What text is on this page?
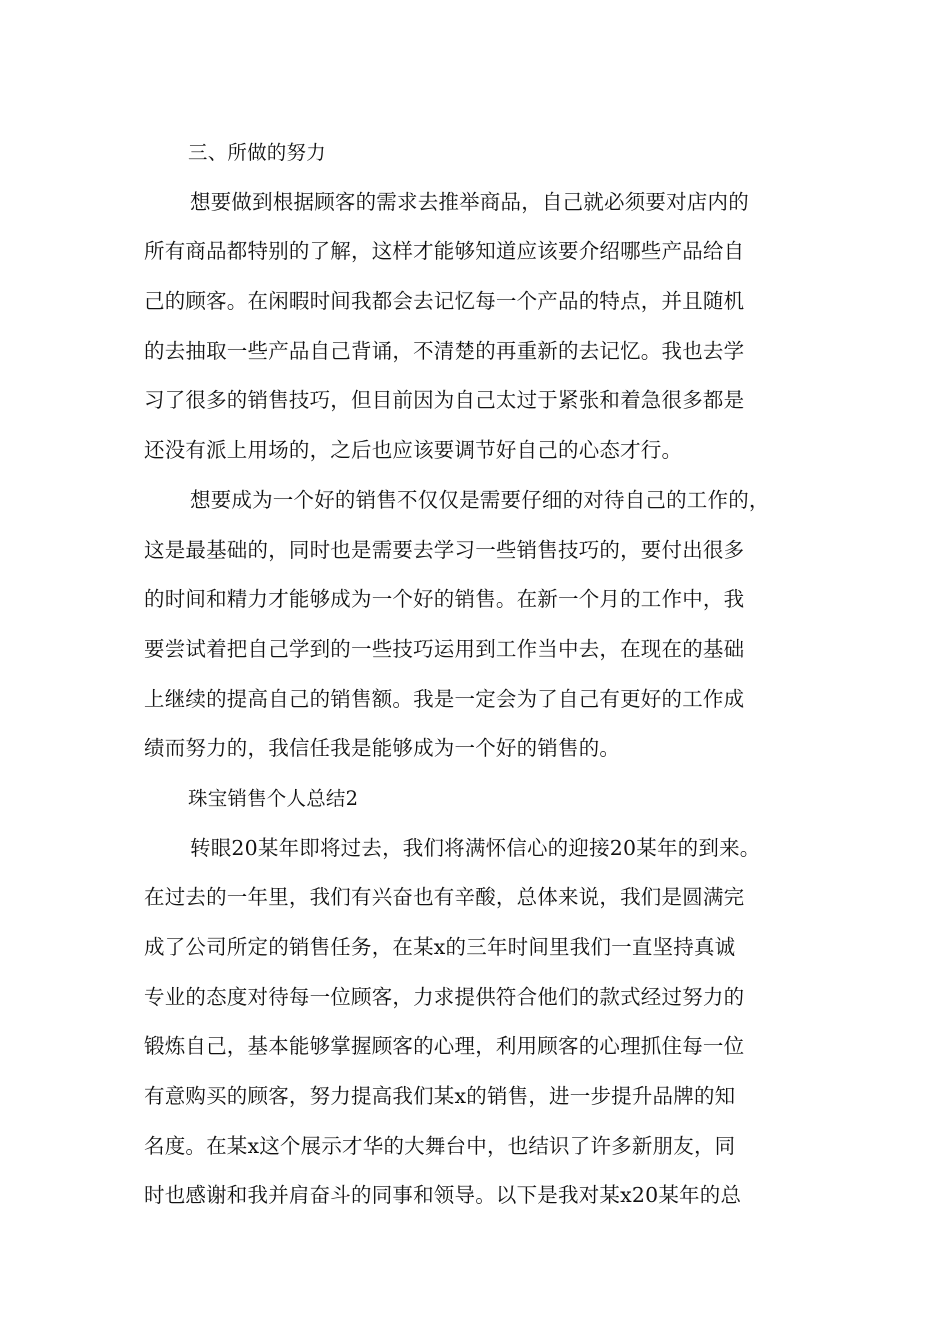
三、所做的努力
想要做到根据顾客的需求去推举商品，自己就必须要对店内的
所有商品都特别的了解，这样才能够知道应该要介绍哪些产品给自
己的顾客。在闲暇时间我都会去记忆每一个产品的特点，并且随机
的去抽取一些产品自己背诵，不清楚的再重新的去记忆。我也去学
习了很多的销售技巧，但目前因为自己太过于紧张和着急很多都是
还没有派上用场的，之后也应该要调节好自己的心态才行。
想要成为一个好的销售不仅仅是需要仔细的对待自己的工作的，
这是最基础的，同时也是需要去学习一些销售技巧的，要付出很多
的时间和精力才能够成为一个好的销售。在新一个月的工作中，我
要尝试着把自己学到的一些技巧运用到工作当中去，在现在的基础
上继续的提高自己的销售额。我是一定会为了自己有更好的工作成
绩而努力的，我信任我是能够成为一个好的销售的。
珠宝销售个人总结2
转眼20某年即将过去，我们将满怀信心的迎接20某年的到来。
在过去的一年里，我们有兴奋也有辛酸，总体来说，我们是圆满完
成了公司所定的销售任务，在某x的三年时间里我们一直坚持真诚
专业的态度对待每一位顾客，力求提供符合他们的款式经过努力的
锻炼自己，基本能够掌握顾客的心理，利用顾客的心理抓住每一位
有意购买的顾客，努力提高我们某x的销售，进一步提升品牌的知
名度。在某x这个展示才华的大舞台中，也结识了许多新朋友，同
时也感谢和我并肩奋斗的同事和领导。以下是我对某x20某年的总
